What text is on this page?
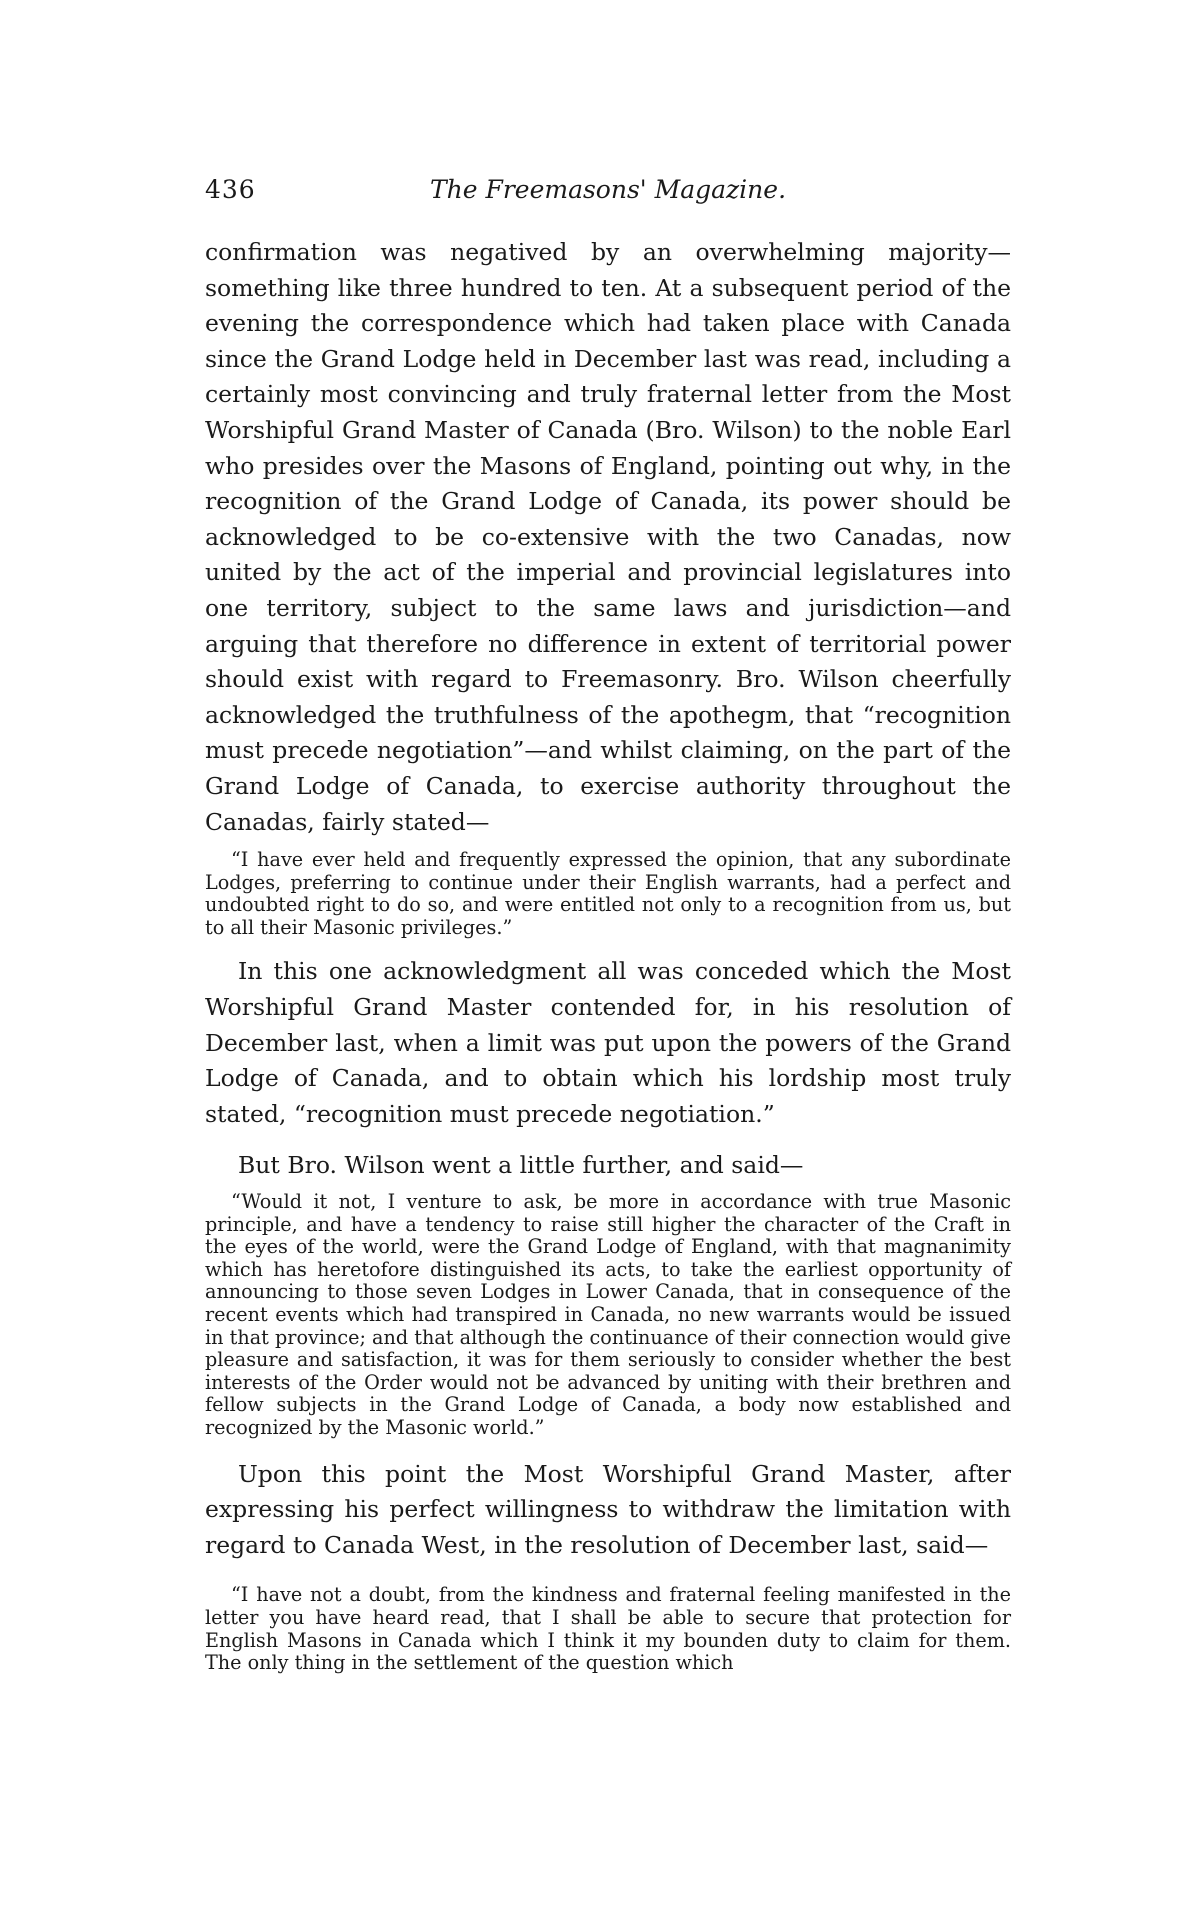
436	The Freemasons' Magazine.

confirmation was negatived by an overwhelming majority—something like three hundred to ten. At a subsequent period of the evening the correspondence which had taken place with Canada since the Grand Lodge held in December last was read, including a certainly most convincing and truly fraternal letter from the Most Worshipful Grand Master of Canada (Bro. Wilson) to the noble Earl who presides over the Masons of England, pointing out why, in the recognition of the Grand Lodge of Canada, its power should be acknowledged to be co-extensive with the two Canadas, now united by the act of the imperial and provincial legislatures into one territory, subject to the same laws and jurisdiction—and arguing that therefore no difference in extent of territorial power should exist with regard to Freemasonry. Bro. Wilson cheerfully acknowledged the truthfulness of the apothegm, that “recognition must precede negotiation”—and whilst claiming, on the part of the Grand Lodge of Canada, to exercise authority throughout the Canadas, fairly stated—

“I have ever held and frequently expressed the opinion, that any subordinate Lodges, preferring to continue under their English warrants, had a perfect and undoubted right to do so, and were entitled not only to a recognition from us, but to all their Masonic privileges.”

In this one acknowledgment all was conceded which the Most Worshipful Grand Master contended for, in his resolution of December last, when a limit was put upon the powers of the Grand Lodge of Canada, and to obtain which his lordship most truly stated, “recognition must precede negotiation.”

But Bro. Wilson went a little further, and said—

“Would it not, I venture to ask, be more in accordance with true Masonic principle, and have a tendency to raise still higher the character of the Craft in the eyes of the world, were the Grand Lodge of England, with that magnanimity which has heretofore distinguished its acts, to take the earliest opportunity of announcing to those seven Lodges in Lower Canada, that in consequence of the recent events which had transpired in Canada, no new warrants would be issued in that province; and that although the continuance of their connection would give pleasure and satisfaction, it was for them seriously to consider whether the best interests of the Order would not be advanced by uniting with their brethren and fellow subjects in the Grand Lodge of Canada, a body now established and recognized by the Masonic world.”

Upon this point the Most Worshipful Grand Master, after expressing his perfect willingness to withdraw the limitation with regard to Canada West, in the resolution of December last, said—

“I have not a doubt, from the kindness and fraternal feeling manifested in the letter you have heard read, that I shall be able to secure that protection for English Masons in Canada which I think it my bounden duty to claim for them. The only thing in the settlement of the question which
